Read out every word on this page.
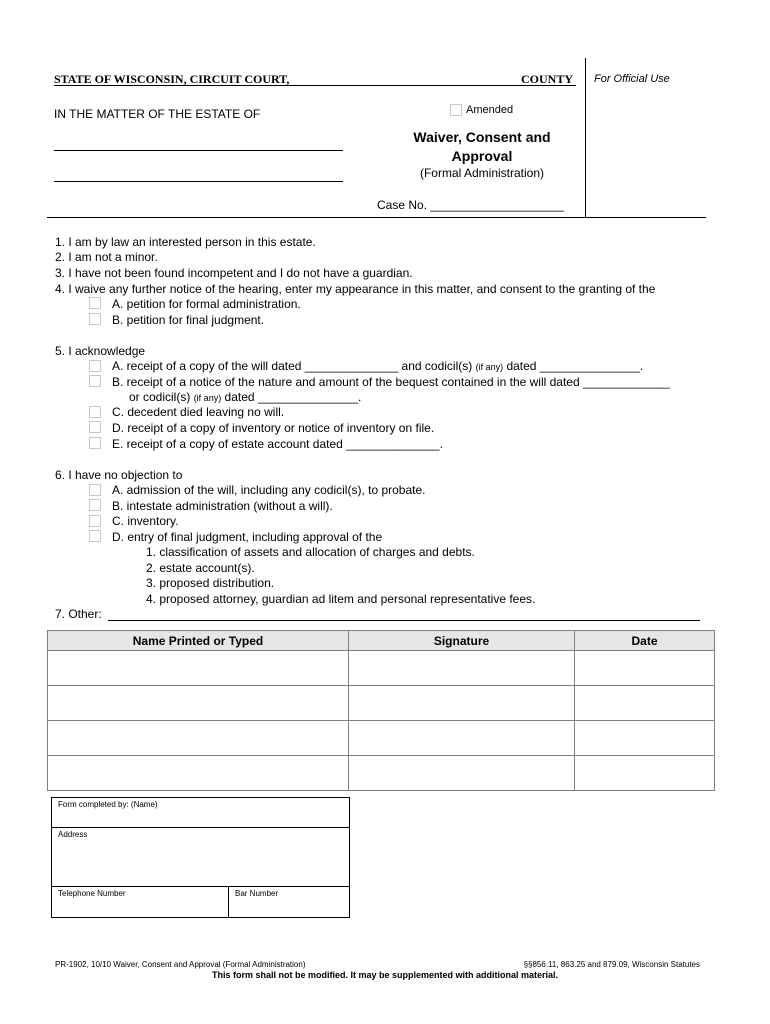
STATE OF WISCONSIN, CIRCUIT COURT,	COUNTY For Official Use
IN THE MATTER OF THE ESTATE OF	Amended
Waiver, Consent and
Approval
(Formal Administration)
Case No. ____________________
1. I am by law an interested person in this estate.
2. I am not a minor.
3. I have not been found incompetent and I do not have a guardian.
4. I waive any further notice of the hearing, enter my appearance in this matter, and consent to the granting of the
A. petition for formal administration.
B. petition for final judgment.
5. I acknowledge
A. receipt of a copy of the will dated ______________ and codicil(s) (if any) dated _______________.
B. receipt of a notice of the nature and amount of the bequest contained in the will dated _____________
or codicil(s) (if any) dated _______________.
C. decedent died leaving no will.
D. receipt of a copy of inventory or notice of inventory on file.
E. receipt of a copy of estate account dated ______________.
6. I have no objection to
A. admission of the will, including any codicil(s), to probate.
B. intestate administration (without a will).
C. inventory.
D. entry of final judgment, including approval of the
1. classification of assets and allocation of charges and debts.
2. estate account(s).
3. proposed distribution.
4. proposed attorney, guardian ad litem and personal representative fees.
7. Other:
Name Printed or Typed	Signature	Date

Form completed by: (Name)
Address
Telephone Number	Bar Number
PR-1902, 10/10 Waiver, Consent and Approval (Formal Administration)	§§856.11, 863.25 and 879.09, Wisconsin Statutes
This form shall not be modified. It may be supplemented with additional material.
